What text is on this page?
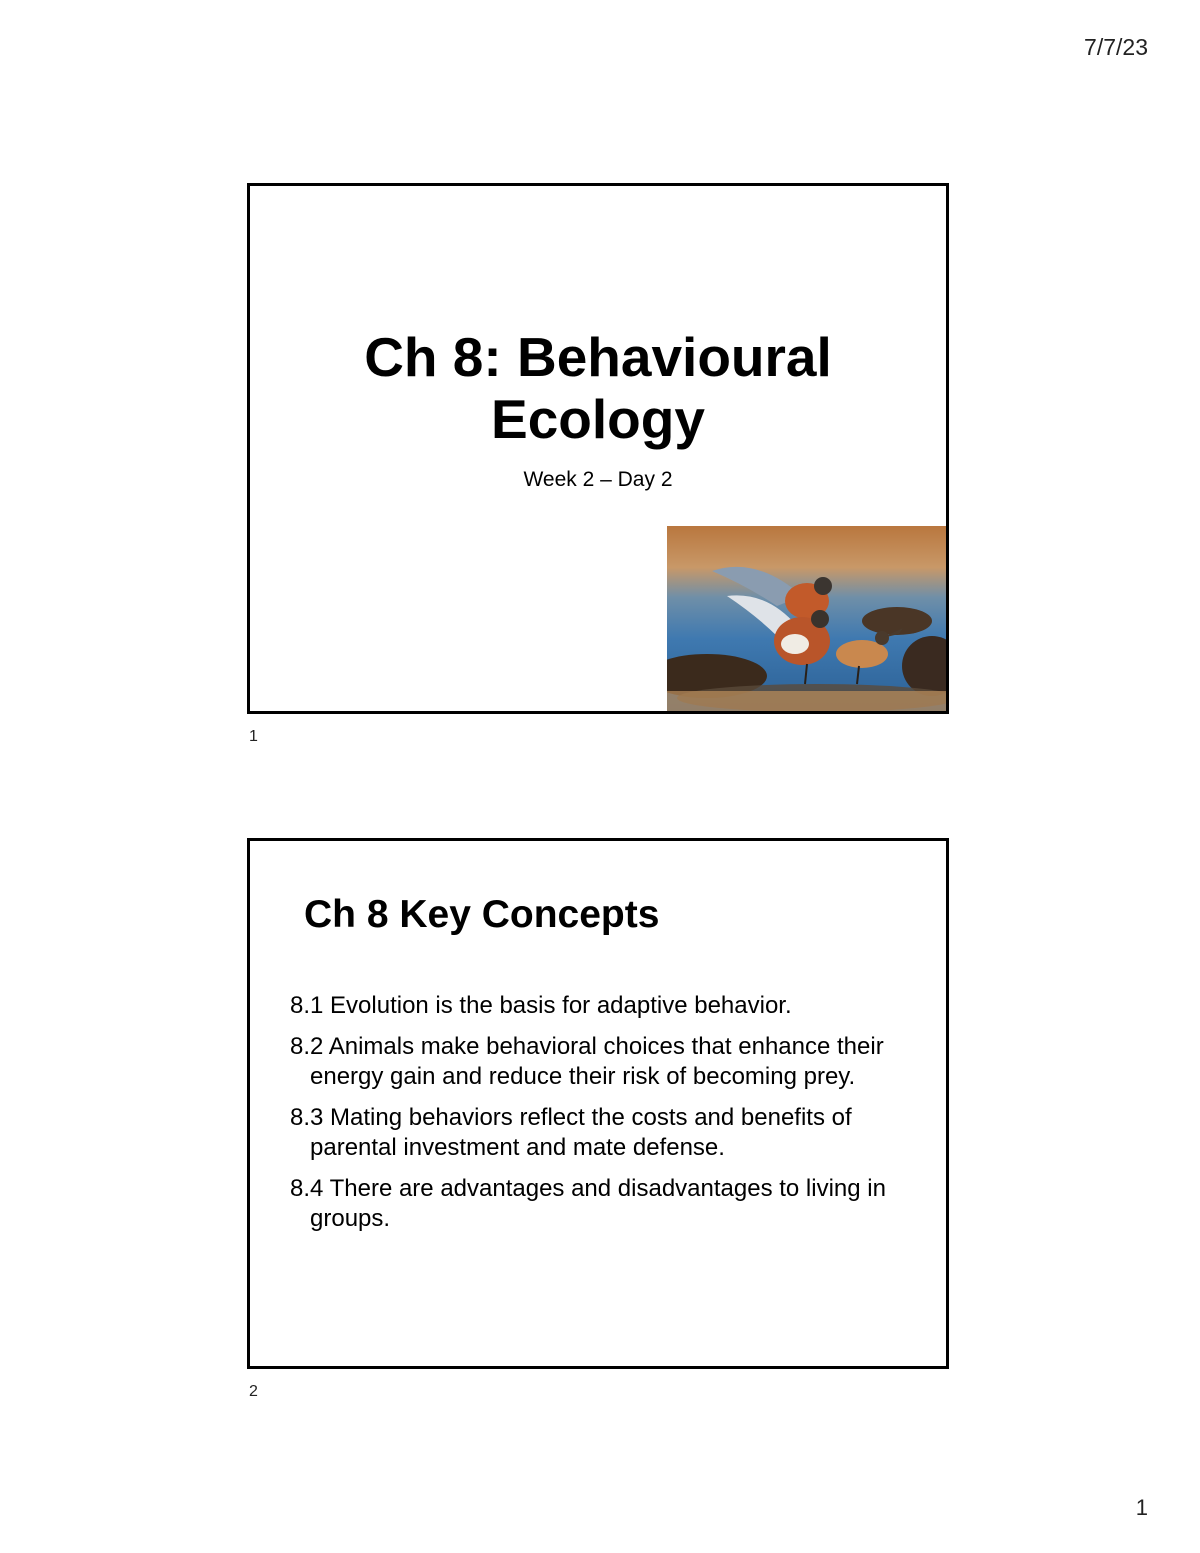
7/7/23
Ch 8: Behavioural
Ecology
Week 2 – Day 2
1
Ch 8 Key Concepts
8.1 Evolution is the basis for adaptive behavior.
8.2 Animals make behavioral choices that enhance their energy gain and reduce their risk of becoming prey.
8.3 Mating behaviors reflect the costs and benefits of parental investment and mate defense.
8.4 There are advantages and disadvantages to living in groups.
2
1
